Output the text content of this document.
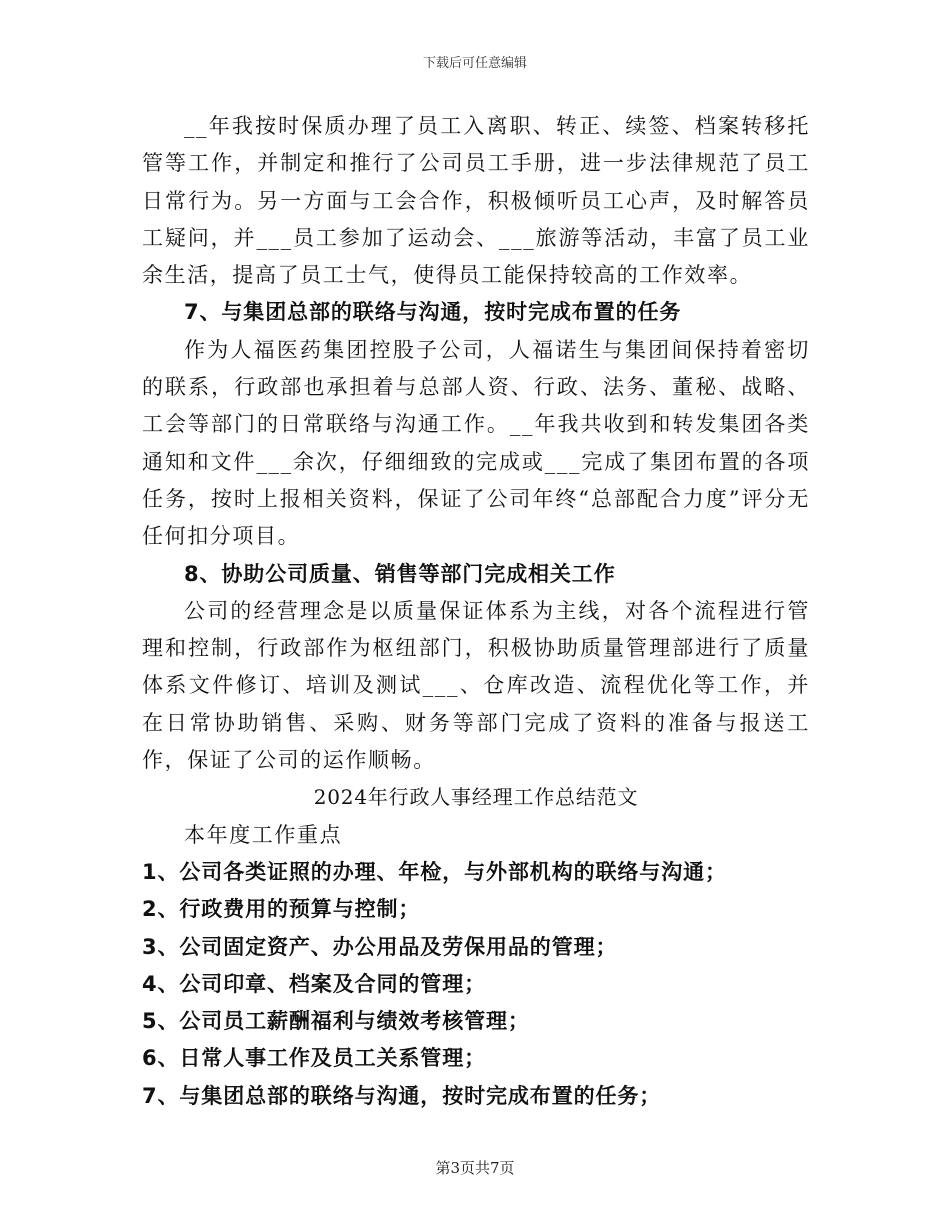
下载后可任意编辑

__年我按时保质办理了员工入离职、转正、续签、档案转移托管等工作，并制定和推行了公司员工手册，进一步法律规范了员工日常行为。另一方面与工会合作，积极倾听员工心声，及时解答员工疑问，并___员工参加了运动会、___旅游等活动，丰富了员工业余生活，提高了员工士气，使得员工能保持较高的工作效率。

7、与集团总部的联络与沟通，按时完成布置的任务

作为人福医药集团控股子公司，人福诺生与集团间保持着密切的联系，行政部也承担着与总部人资、行政、法务、董秘、战略、工会等部门的日常联络与沟通工作。__年我共收到和转发集团各类通知和文件___余次，仔细细致的完成或___完成了集团布置的各项任务，按时上报相关资料，保证了公司年终“总部配合力度”评分无任何扣分项目。

8、协助公司质量、销售等部门完成相关工作

公司的经营理念是以质量保证体系为主线，对各个流程进行管理和控制，行政部作为枢纽部门，积极协助质量管理部进行了质量体系文件修订、培训及测试___、仓库改造、流程优化等工作，并在日常协助销售、采购、财务等部门完成了资料的准备与报送工作，保证了公司的运作顺畅。

2024年行政人事经理工作总结范文

本年度工作重点

1、公司各类证照的办理、年检，与外部机构的联络与沟通；

2、行政费用的预算与控制；

3、公司固定资产、办公用品及劳保用品的管理；

4、公司印章、档案及合同的管理；

5、公司员工薪酬福利与绩效考核管理；

6、日常人事工作及员工关系管理；

7、与集团总部的联络与沟通，按时完成布置的任务；

第3页共7页
